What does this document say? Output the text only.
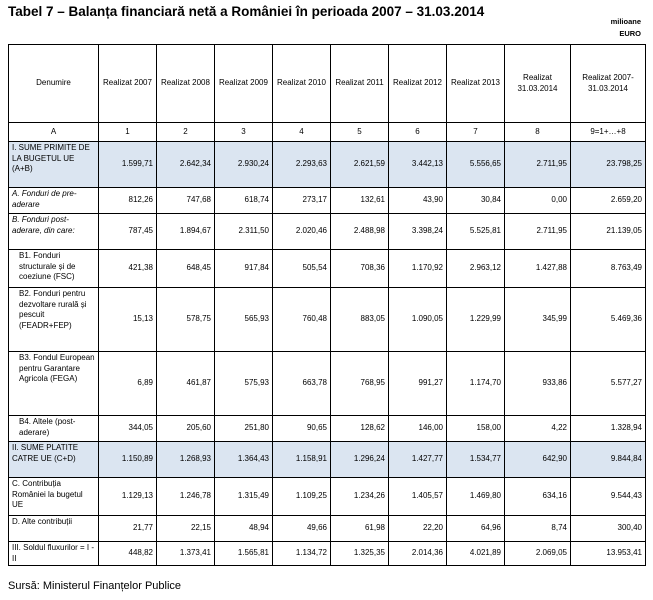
Tabel 7 – Balanța financiară netă a României în perioada 2007 – 31.03.2014
milioane
EURO
Denumire	Realizat 2007	Realizat 2008	Realizat 2009	Realizat 2010	Realizat 2011	Realizat 2012	Realizat 2013	Realizat 31.03.2014	Realizat 2007-31.03.2014
A	1	2	3	4	5	6	7	8	9=1+…+8
I. SUME PRIMITE DE LA BUGETUL UE (A+B)	1.599,71	2.642,34	2.930,24	2.293,63	2.621,59	3.442,13	5.556,65	2.711,95	23.798,25
A. Fonduri de pre-aderare	812,26	747,68	618,74	273,17	132,61	43,90	30,84	0,00	2.659,20
B. Fonduri post-aderare, din care:	787,45	1.894,67	2.311,50	2.020,46	2.488,98	3.398,24	5.525,81	2.711,95	21.139,05
B1. Fonduri structurale și de coeziune (FSC)	421,38	648,45	917,84	505,54	708,36	1.170,92	2.963,12	1.427,88	8.763,49
B2. Fonduri pentru dezvoltare rurală și pescuit (FEADR+FEP)	15,13	578,75	565,93	760,48	883,05	1.090,05	1.229,99	345,99	5.469,36
B3. Fondul European pentru Garantare Agricola (FEGA)	6,89	461,87	575,93	663,78	768,95	991,27	1.174,70	933,86	5.577,27
B4. Altele (post-aderare)	344,05	205,60	251,80	90,65	128,62	146,00	158,00	4,22	1.328,94
II. SUME PLATITE CATRE UE (C+D)	1.150,89	1.268,93	1.364,43	1.158,91	1.296,24	1.427,77	1.534,77	642,90	9.844,84
C. Contribuția României la bugetul UE	1.129,13	1.246,78	1.315,49	1.109,25	1.234,26	1.405,57	1.469,80	634,16	9.544,43
D. Alte contribuții	21,77	22,15	48,94	49,66	61,98	22,20	64,96	8,74	300,40
III. Soldul fluxurilor = I - II	448,82	1.373,41	1.565,81	1.134,72	1.325,35	2.014,36	4.021,89	2.069,05	13.953,41
Sursă: Ministerul Finanțelor Publice
